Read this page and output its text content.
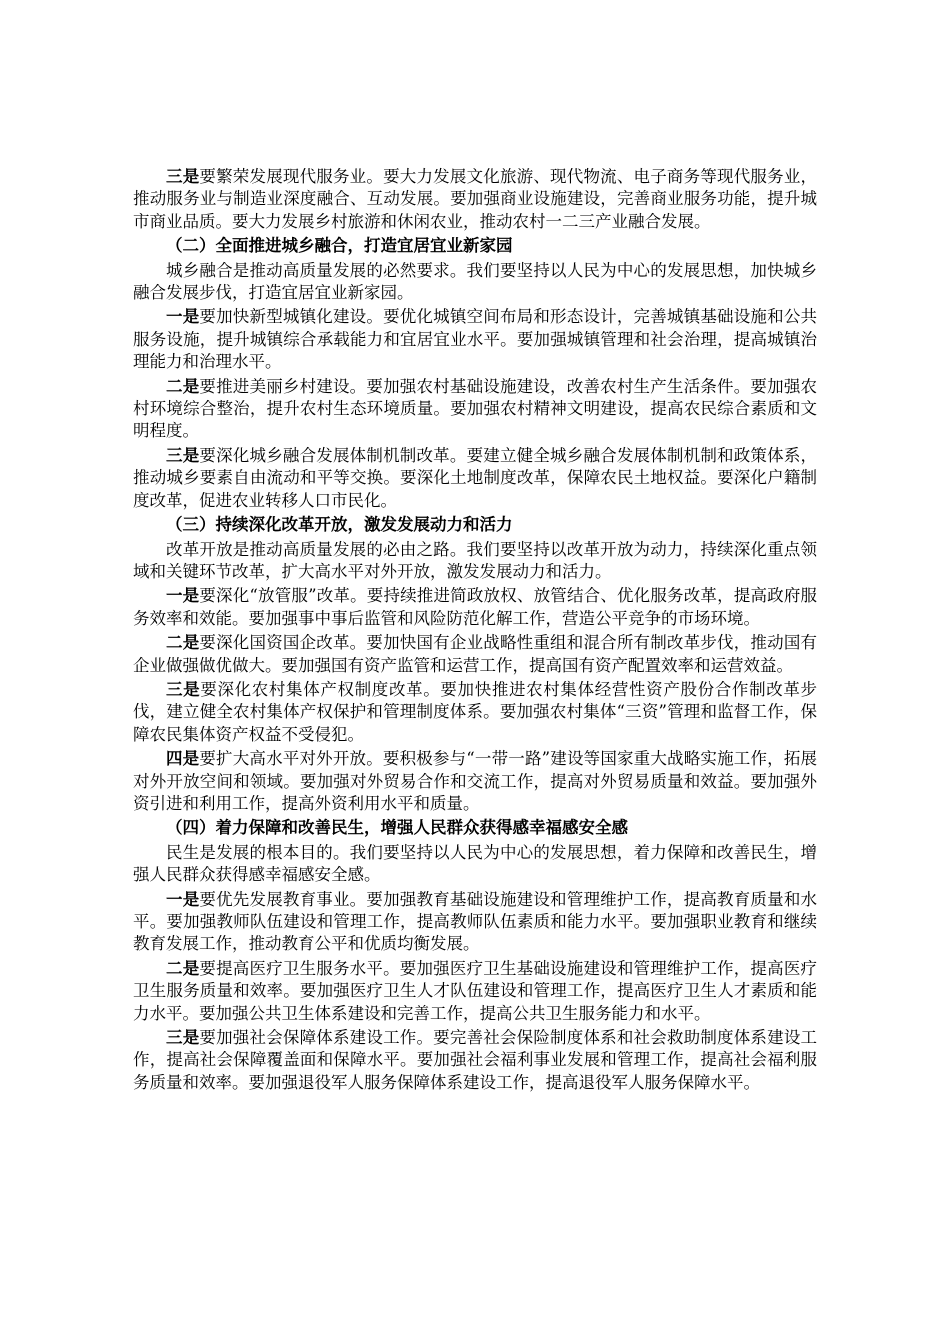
三是要繁荣发展现代服务业。要大力发展文化旅游、现代物流、电子商务等现代服务业，推动服务业与制造业深度融合、互动发展。要加强商业设施建设，完善商业服务功能，提升城市商业品质。要大力发展乡村旅游和休闲农业，推动农村一二三产业融合发展。

（二）全面推进城乡融合，打造宜居宜业新家园

城乡融合是推动高质量发展的必然要求。我们要坚持以人民为中心的发展思想，加快城乡融合发展步伐，打造宜居宜业新家园。

一是要加快新型城镇化建设。要优化城镇空间布局和形态设计，完善城镇基础设施和公共服务设施，提升城镇综合承载能力和宜居宜业水平。要加强城镇管理和社会治理，提高城镇治理能力和治理水平。

二是要推进美丽乡村建设。要加强农村基础设施建设，改善农村生产生活条件。要加强农村环境综合整治，提升农村生态环境质量。要加强农村精神文明建设，提高农民综合素质和文明程度。

三是要深化城乡融合发展体制机制改革。要建立健全城乡融合发展体制机制和政策体系，推动城乡要素自由流动和平等交换。要深化土地制度改革，保障农民土地权益。要深化户籍制度改革，促进农业转移人口市民化。

（三）持续深化改革开放，激发发展动力和活力

改革开放是推动高质量发展的必由之路。我们要坚持以改革开放为动力，持续深化重点领域和关键环节改革，扩大高水平对外开放，激发发展动力和活力。

一是要深化“放管服”改革。要持续推进简政放权、放管结合、优化服务改革，提高政府服务效率和效能。要加强事中事后监管和风险防范化解工作，营造公平竞争的市场环境。

二是要深化国资国企改革。要加快国有企业战略性重组和混合所有制改革步伐，推动国有企业做强做优做大。要加强国有资产监管和运营工作，提高国有资产配置效率和运营效益。

三是要深化农村集体产权制度改革。要加快推进农村集体经营性资产股份合作制改革步伐，建立健全农村集体产权保护和管理制度体系。要加强农村集体“三资”管理和监督工作，保障农民集体资产权益不受侵犯。

四是要扩大高水平对外开放。要积极参与“一带一路”建设等国家重大战略实施工作，拓展对外开放空间和领域。要加强对外贸易合作和交流工作，提高对外贸易质量和效益。要加强外资引进和利用工作，提高外资利用水平和质量。

（四）着力保障和改善民生，增强人民群众获得感幸福感安全感

民生是发展的根本目的。我们要坚持以人民为中心的发展思想，着力保障和改善民生，增强人民群众获得感幸福感安全感。

一是要优先发展教育事业。要加强教育基础设施建设和管理维护工作，提高教育质量和水平。要加强教师队伍建设和管理工作，提高教师队伍素质和能力水平。要加强职业教育和继续教育发展工作，推动教育公平和优质均衡发展。

二是要提高医疗卫生服务水平。要加强医疗卫生基础设施建设和管理维护工作，提高医疗卫生服务质量和效率。要加强医疗卫生人才队伍建设和管理工作，提高医疗卫生人才素质和能力水平。要加强公共卫生体系建设和完善工作，提高公共卫生服务能力和水平。

三是要加强社会保障体系建设工作。要完善社会保险制度体系和社会救助制度体系建设工作，提高社会保障覆盖面和保障水平。要加强社会福利事业发展和管理工作，提高社会福利服务质量和效率。要加强退役军人服务保障体系建设工作，提高退役军人服务保障水平。
